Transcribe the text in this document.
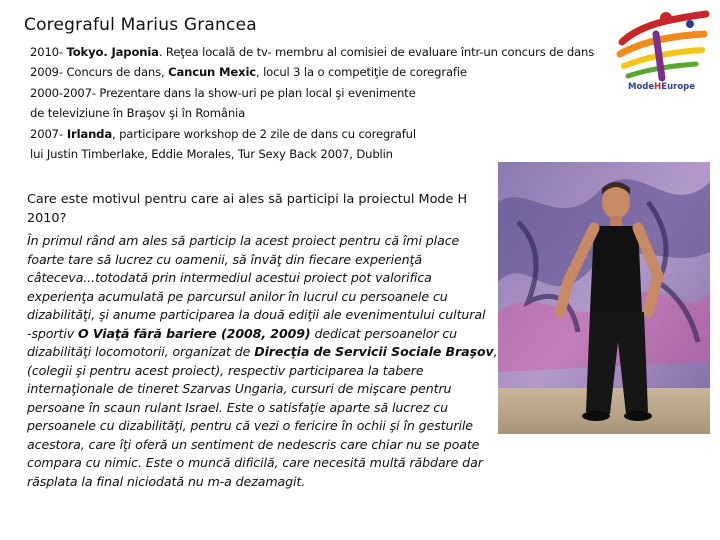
Coregraful Marius Grancea
2010- Tokyo. Japonia. Reţea locală de tv- membru al comisiei de evaluare într-un concurs de dans
2009- Concurs de dans, Cancun Mexic, locul 3 la o competiţie de coregrafie
2000-2007- Prezentare dans la show-uri pe plan local şi evenimente
de televiziune în Braşov şi în România
2007- Irlanda, participare workshop de 2 zile de dans cu coregraful
lui Justin Timberlake, Eddie Morales, Tur Sexy Back 2007, Dublin
ModeHEurope
Care este motivul pentru care ai ales să participi la proiectul Mode H 2010?
În primul rând am ales să particip la acest proiect pentru că îmi place
foarte tare să lucrez cu oamenii, să învăţ din fiecare experienţă
câteceva...totodată prin intermediul acestui proiect pot valorifica
experienţa acumulată pe parcursul anilor în lucrul cu persoanele cu
dizabilităţi, şi anume participarea la două ediţii ale evenimentului cultural
-sportiv O Viaţă fără bariere (2008, 2009) dedicat persoanelor cu
dizabilităţi locomotorii, organizat de Direcţia de Servicii Sociale Braşov,
(colegii şi pentru acest proiect), respectiv participarea la tabere
internaţionale de tineret Szarvas Ungaria, cursuri de mişcare pentru
persoane în scaun rulant Israel. Este o satisfaţie aparte să lucrez cu
persoanele cu dizabilităţi, pentru că vezi o fericire în ochii şi în gesturile
acestora, care îţi oferă un sentiment de nedescris care chiar nu se poate
compara cu nimic. Este o muncă dificilă, care necesită multă răbdare dar
răsplata la final niciodată nu m-a dezamagit.
